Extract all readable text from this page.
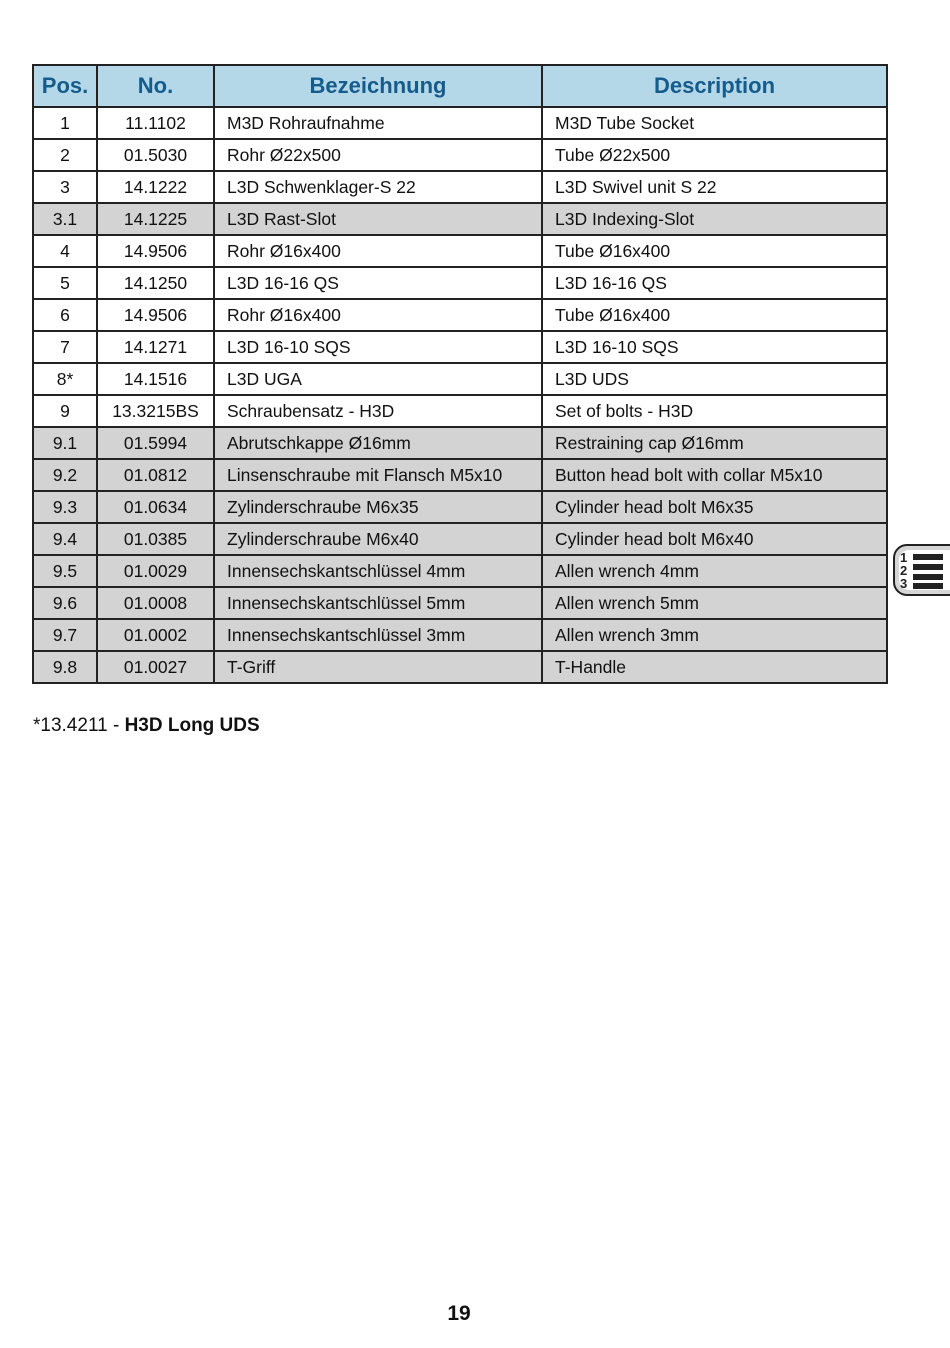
Pos.	No.	Bezeichnung	Description
1	11.1102	M3D Rohraufnahme	M3D Tube Socket
2	01.5030	Rohr Ø22x500	Tube Ø22x500
3	14.1222	L3D Schwenklager-S 22	L3D Swivel unit S 22
3.1	14.1225	L3D Rast-Slot	L3D Indexing-Slot
4	14.9506	Rohr Ø16x400	Tube Ø16x400
5	14.1250	L3D 16-16 QS	L3D 16-16 QS
6	14.9506	Rohr Ø16x400	Tube Ø16x400
7	14.1271	L3D 16-10 SQS	L3D 16-10 SQS
8*	14.1516	L3D UGA	L3D UDS
9	13.3215BS	Schraubensatz - H3D	Set of bolts - H3D
9.1	01.5994	Abrutschkappe Ø16mm	Restraining cap Ø16mm
9.2	01.0812	Linsenschraube mit Flansch M5x10	Button head bolt with collar M5x10
9.3	01.0634	Zylinderschraube M6x35	Cylinder head bolt M6x35
9.4	01.0385	Zylinderschraube M6x40	Cylinder head bolt M6x40
9.5	01.0029	Innensechskantschlüssel 4mm	Allen wrench 4mm
9.6	01.0008	Innensechskantschlüssel 5mm	Allen wrench 5mm
9.7	01.0002	Innensechskantschlüssel 3mm	Allen wrench 3mm
9.8	01.0027	T-Griff	T-Handle
*13.4211 - H3D Long UDS
19
1
2
3
